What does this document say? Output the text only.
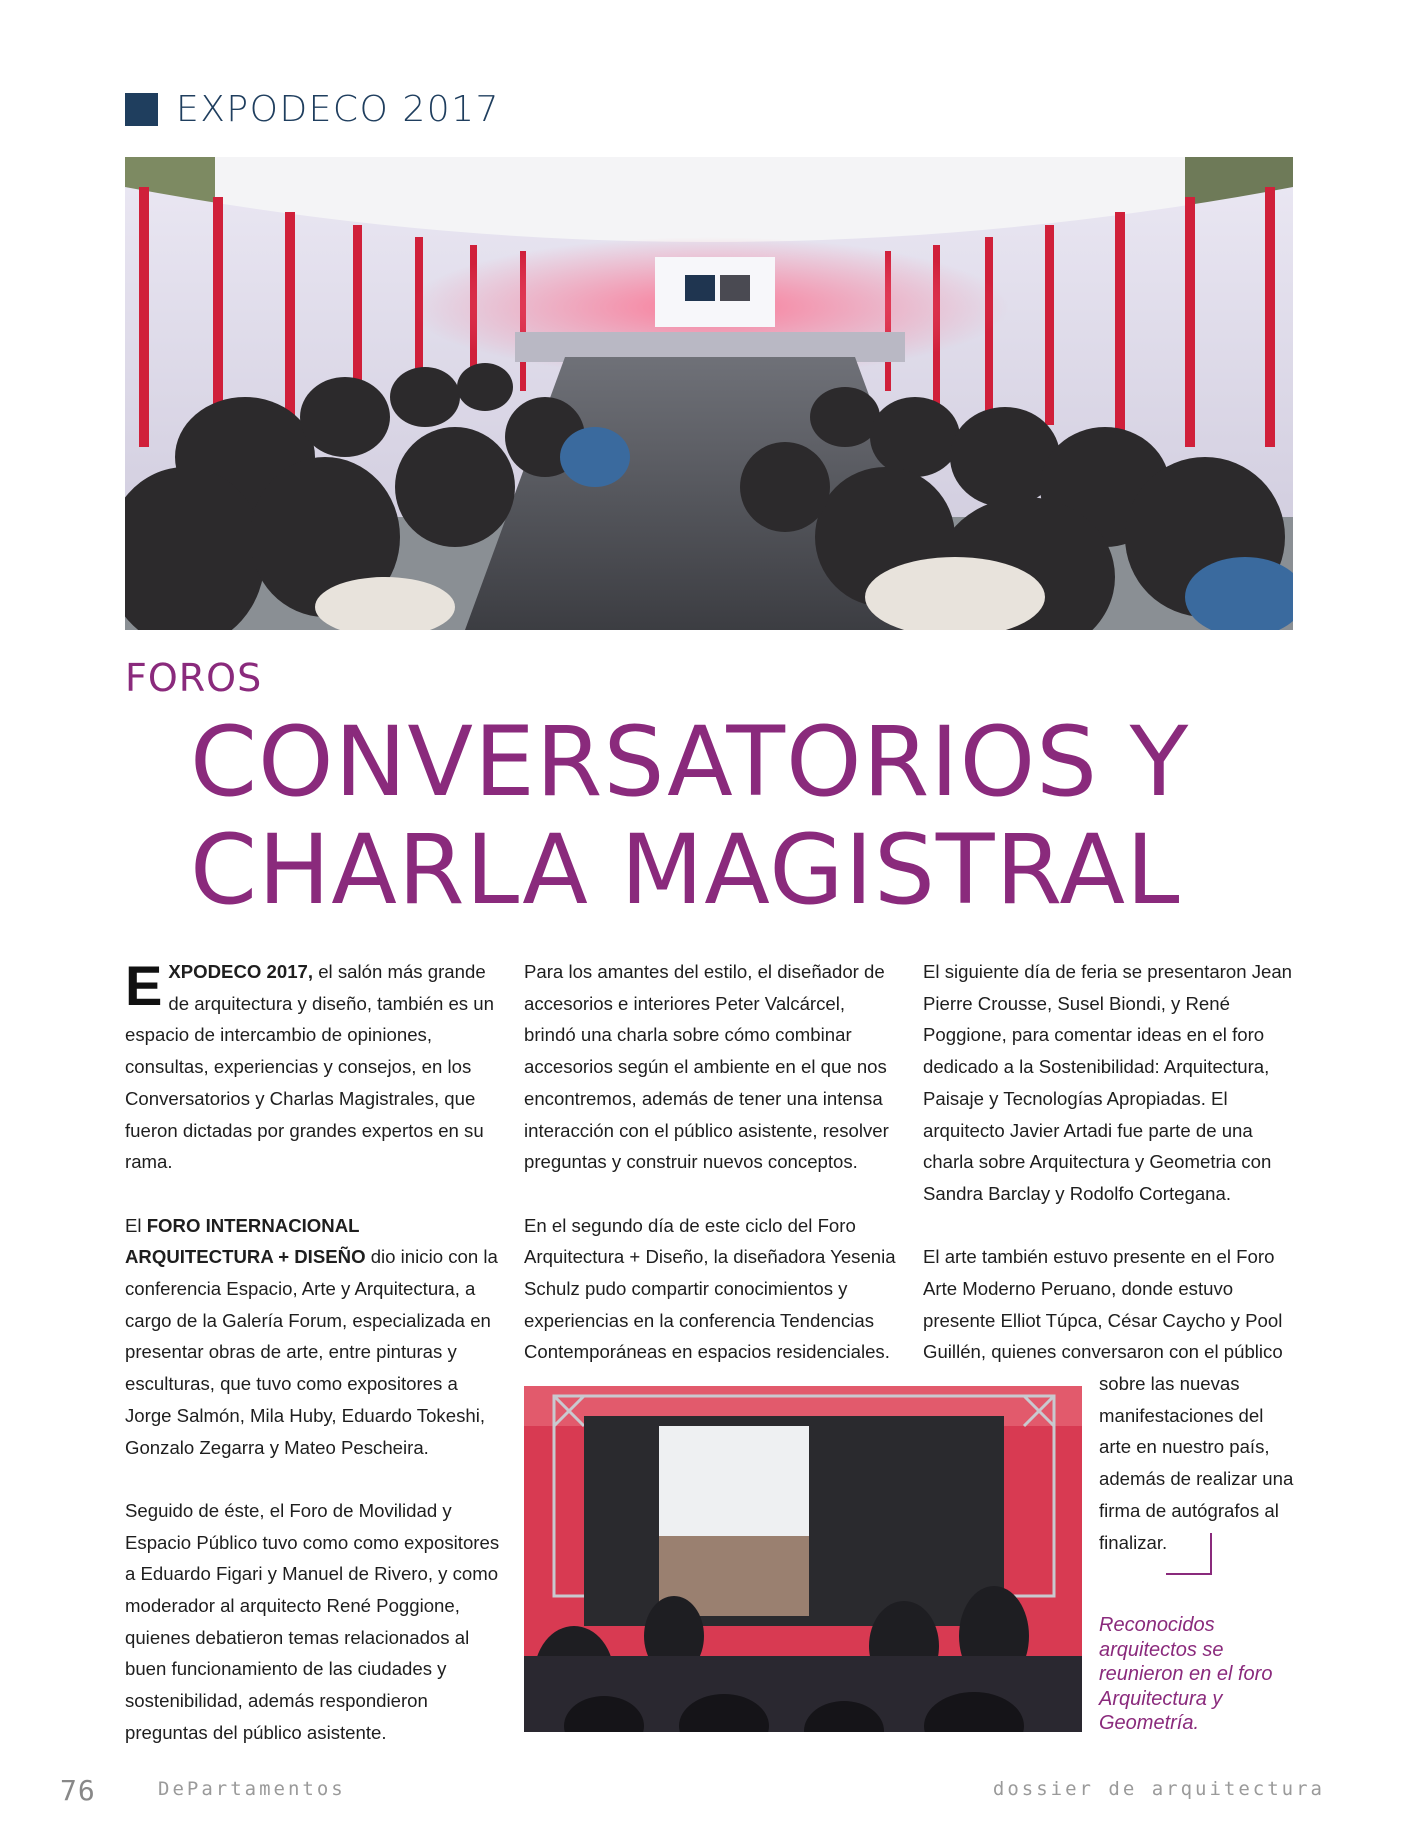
EXPODECO 2017
FOROS
CONVERSATORIOS Y
CHARLA MAGISTRAL

EXPODECO 2017, el salón más grande de arquitectura y diseño, también es un espacio de intercambio de opiniones, consultas, experiencias y consejos, en los Conversatorios y Charlas Magistrales, que fueron dictadas por grandes expertos en su rama.

El FORO INTERNACIONAL ARQUITECTURA + DISEÑO dio inicio con la conferencia Espacio, Arte y Arquitectura, a cargo de la Galería Forum, especializada en presentar obras de arte, entre pinturas y esculturas, que tuvo como expositores a Jorge Salmón, Mila Huby, Eduardo Tokeshi, Gonzalo Zegarra y Mateo Pescheira.

Seguido de éste, el Foro de Movilidad y Espacio Público tuvo como como expositores a Eduardo Figari y Manuel de Rivero, y como moderador al arquitecto René Poggione, quienes debatieron temas relacionados al buen funcionamiento de las ciudades y sostenibilidad, además respondieron preguntas del público asistente.

Para los amantes del estilo, el diseñador de accesorios e interiores Peter Valcárcel, brindó una charla sobre cómo combinar accesorios según el ambiente en el que nos encontremos, además de tener una intensa interacción con el público asistente, resolver preguntas y construir nuevos conceptos.

En el segundo día de este ciclo del Foro Arquitectura + Diseño, la diseñadora Yesenia Schulz pudo compartir conocimientos y experiencias en la conferencia Tendencias Contemporáneas en espacios residenciales.

El siguiente día de feria se presentaron Jean Pierre Crousse, Susel Biondi, y René Poggione, para comentar ideas en el foro dedicado a la Sostenibilidad: Arquitectura, Paisaje y Tecnologías Apropiadas. El arquitecto Javier Artadi fue parte de una charla sobre Arquitectura y Geometria con Sandra Barclay y Rodolfo Cortegana.

El arte también estuvo presente en el Foro Arte Moderno Peruano, donde estuvo presente Elliot Túpca, César Caycho y Pool Guillén, quienes conversaron con el público

sobre las nuevas manifestaciones del arte en nuestro país, además de realizar una firma de autógrafos al finalizar.
Reconocidos arquitectos se reunieron en el foro Arquitectura y Geometría.
76	DePartamentos	dossier de arquitectura
